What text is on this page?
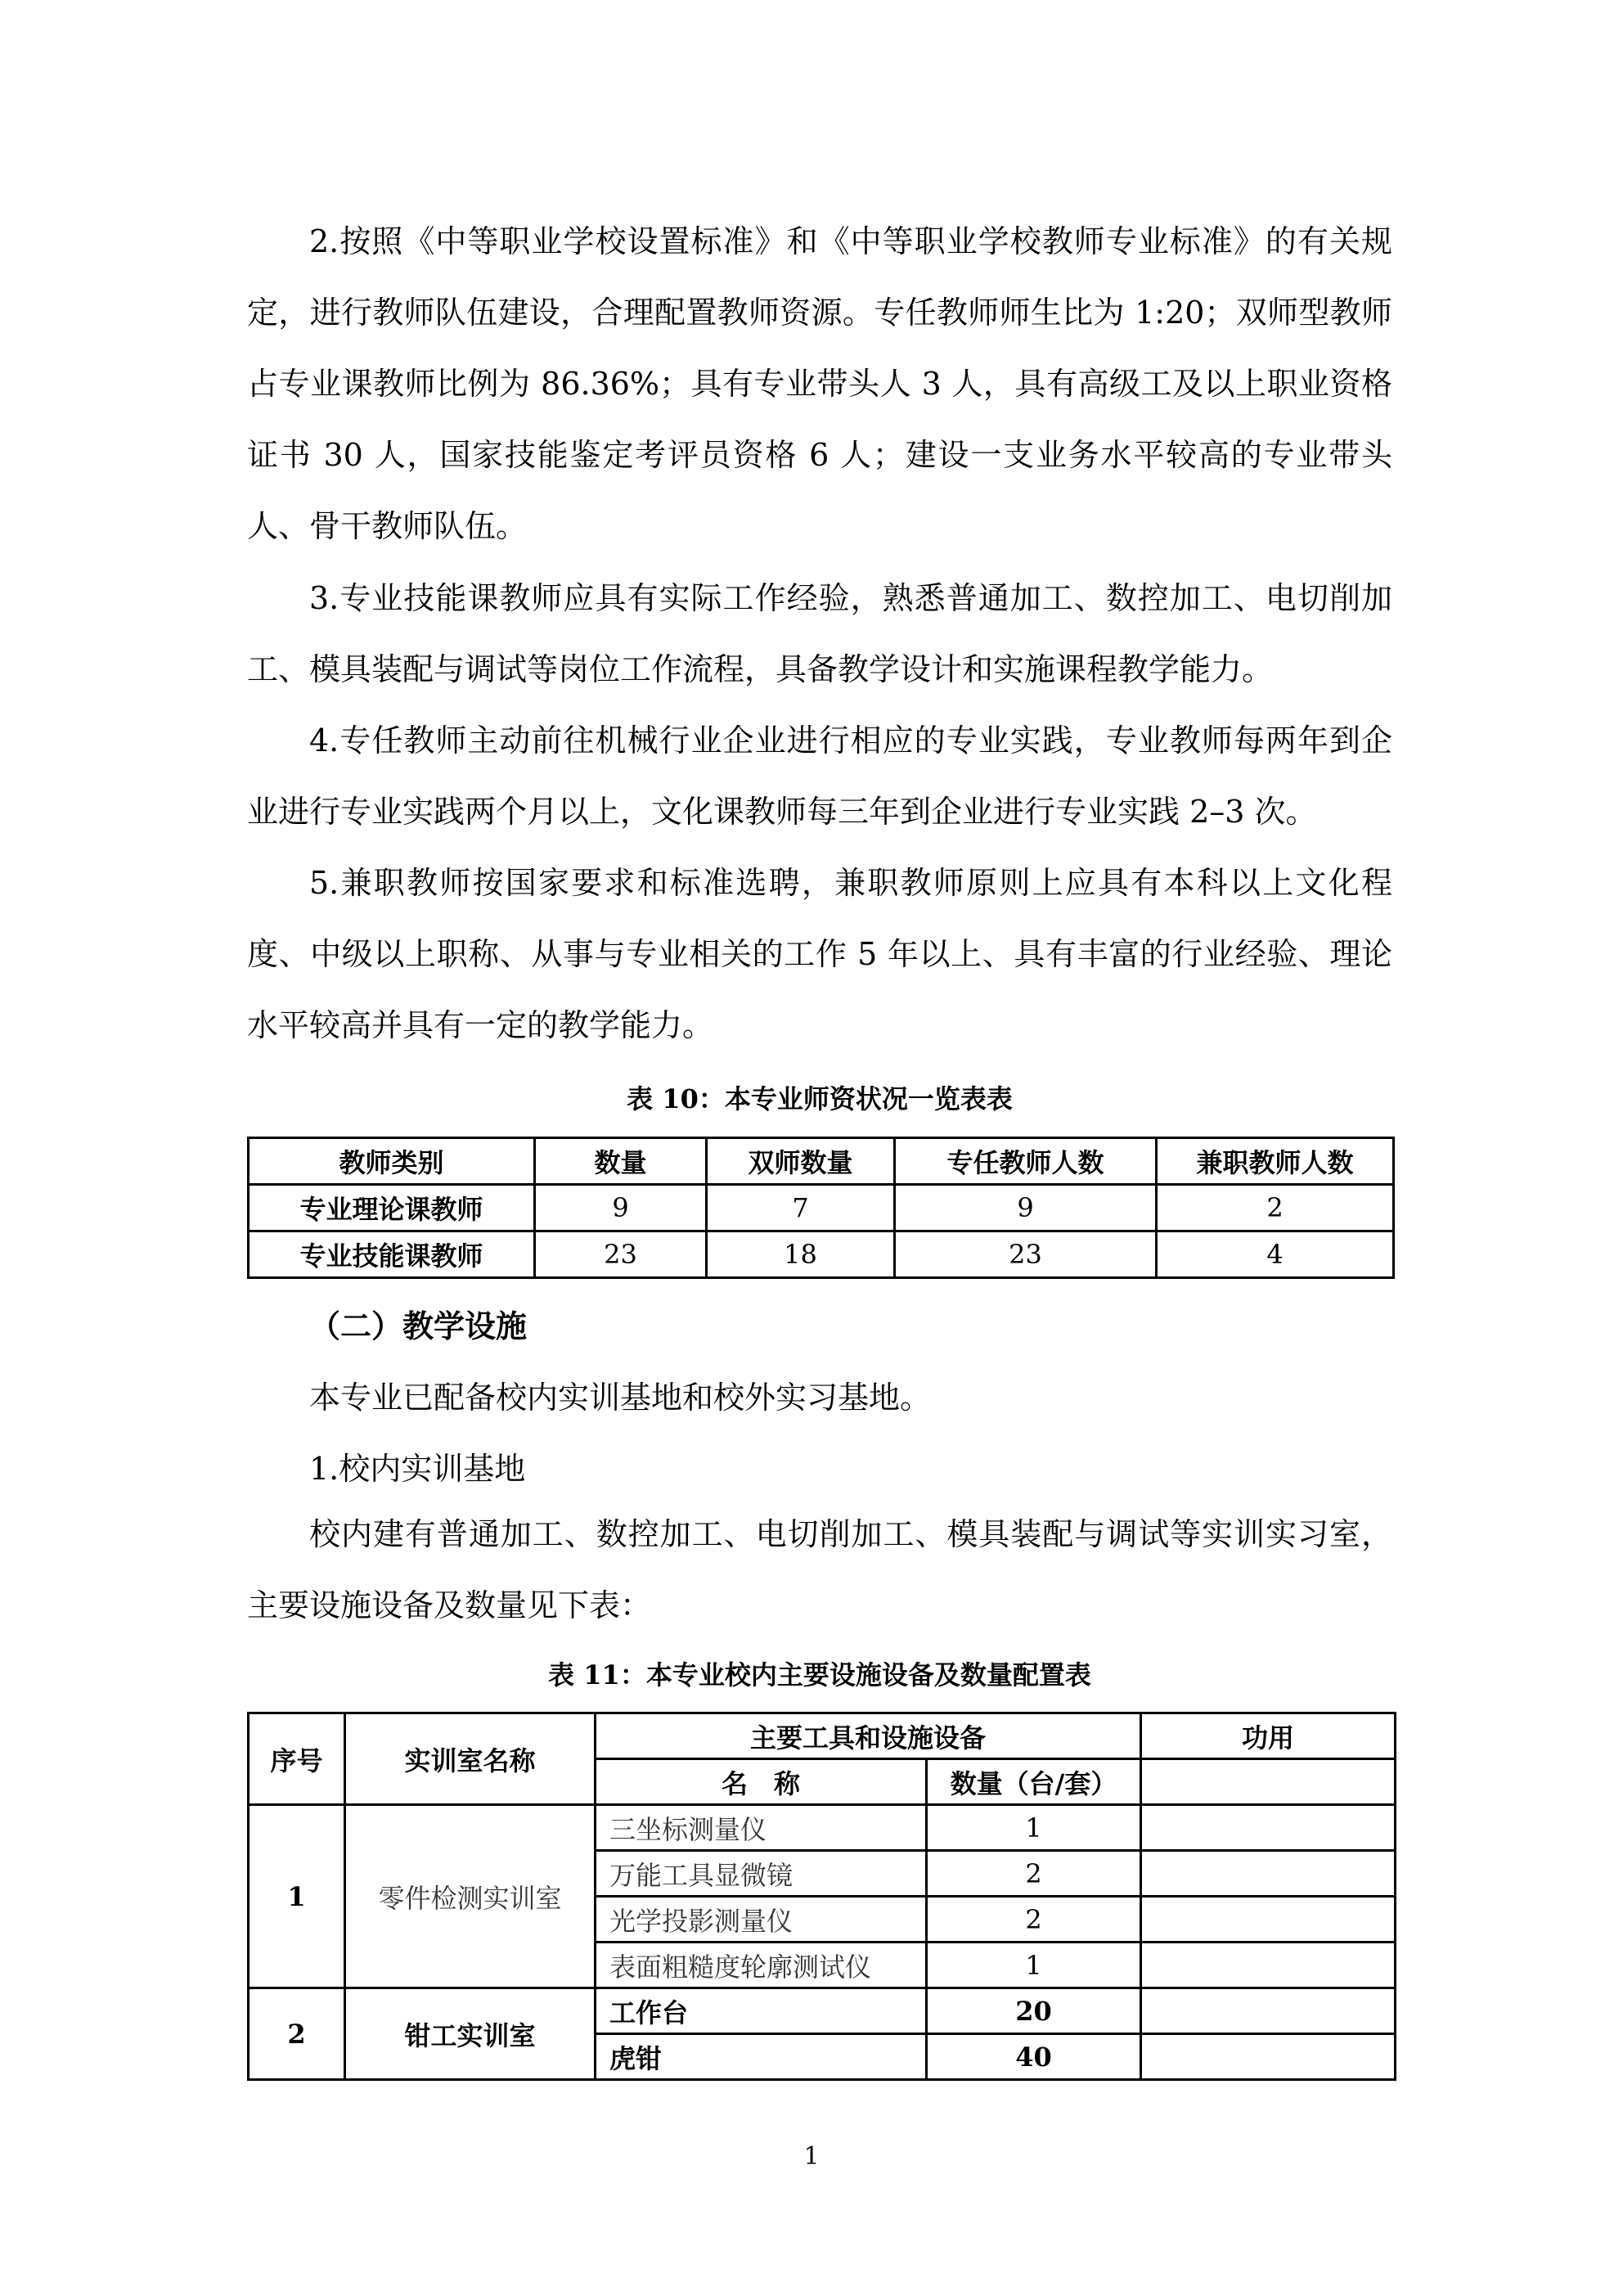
2.按照《中等职业学校设置标准》和《中等职业学校教师专业标准》的有关规定，进行教师队伍建设，合理配置教师资源。专任教师师生比为 1:20；双师型教师占专业课教师比例为 86.36%；具有专业带头人 3 人，具有高级工及以上职业资格证书 30 人，国家技能鉴定考评员资格 6 人；建设一支业务水平较高的专业带头人、骨干教师队伍。

3.专业技能课教师应具有实际工作经验，熟悉普通加工、数控加工、电切削加工、模具装配与调试等岗位工作流程，具备教学设计和实施课程教学能力。

4.专任教师主动前往机械行业企业进行相应的专业实践，专业教师每两年到企业进行专业实践两个月以上，文化课教师每三年到企业进行专业实践 2–3 次。

5.兼职教师按国家要求和标准选聘，兼职教师原则上应具有本科以上文化程度、中级以上职称、从事与专业相关的工作 5 年以上、具有丰富的行业经验、理论水平较高并具有一定的教学能力。

表 10：本专业师资状况一览表表

教师类别	数量	双师数量	专任教师人数	兼职教师人数
专业理论课教师	9	7	9	2
专业技能课教师	23	18	23	4

（二）教学设施

本专业已配备校内实训基地和校外实习基地。

1.校内实训基地

校内建有普通加工、数控加工、电切削加工、模具装配与调试等实训实习室，主要设施设备及数量见下表：

表 11：本专业校内主要设施设备及数量配置表

序号	实训室名称	主要工具和设施设备		功用
		名　称	数量（台/套）	
1	零件检测实训室	三坐标测量仪	1	
		万能工具显微镜	2	
		光学投影测量仪	2	
		表面粗糙度轮廓测试仪	1	
2	钳工实训室	工作台	20	
		虎钳	40	
1
